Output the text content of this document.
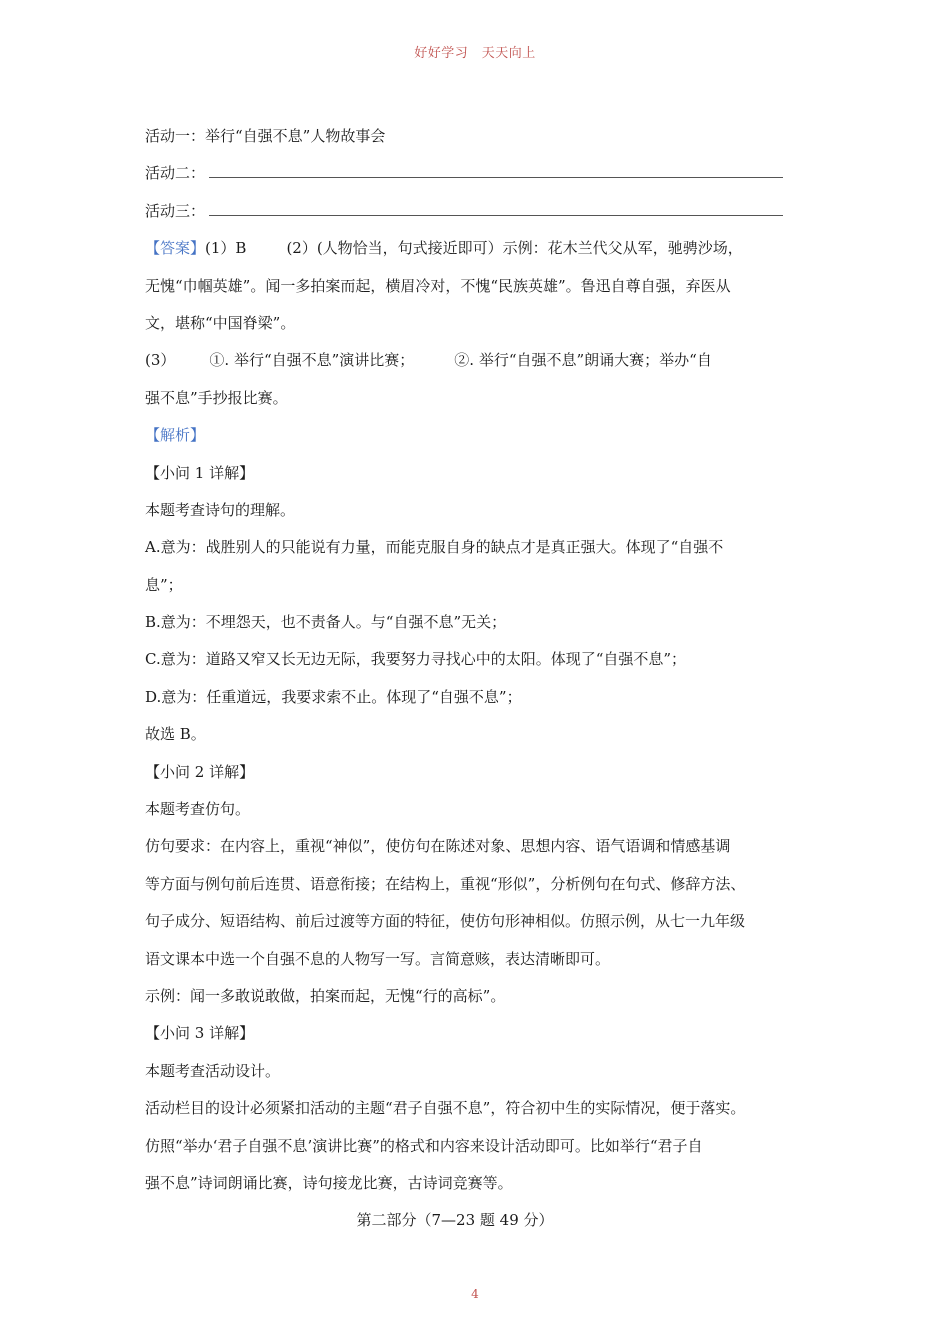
好好学习　天天向上
活动一：举行“自强不息”人物故事会
活动二：
活动三：
【答案】(1）B	(2）(人物恰当，句式接近即可）示例：花木兰代父从军，驰骋沙场，
无愧“巾帼英雄”。闻一多拍案而起，横眉冷对，不愧“民族英雄”。鲁迅自尊自强，弃医从
文，堪称“中国脊梁”。
(3） ①. 举行“自强不息”演讲比赛；	②. 举行“自强不息”朗诵大赛；举办“自
强不息”手抄报比赛。
【解析】
【小问 1 详解】
本题考查诗句的理解。
A.意为：战胜别人的只能说有力量，而能克服自身的缺点才是真正强大。体现了“自强不
息”；
B.意为：不埋怨天，也不责备人。与“自强不息”无关；
C.意为：道路又窄又长无边无际，我要努力寻找心中的太阳。体现了“自强不息”；
D.意为：任重道远，我要求索不止。体现了“自强不息”；
故选 B。
【小问 2 详解】
本题考查仿句。
仿句要求：在内容上，重视“神似”，使仿句在陈述对象、思想内容、语气语调和情感基调
等方面与例句前后连贯、语意衔接；在结构上，重视“形似”，分析例句在句式、修辞方法、
句子成分、短语结构、前后过渡等方面的特征，使仿句形神相似。仿照示例，从七一九年级
语文课本中选一个自强不息的人物写一写。言简意赅，表达清晰即可。
示例：闻一多敢说敢做，拍案而起，无愧“行的高标”。
【小问 3 详解】
本题考查活动设计。
活动栏目的设计必须紧扣活动的主题“君子自强不息”，符合初中生的实际情况，便于落实。
仿照“举办‘君子自强不息’演讲比赛”的格式和内容来设计活动即可。比如举行“君子自
强不息”诗词朗诵比赛，诗句接龙比赛，古诗词竞赛等。
第二部分（7—23 题 49 分）
4
